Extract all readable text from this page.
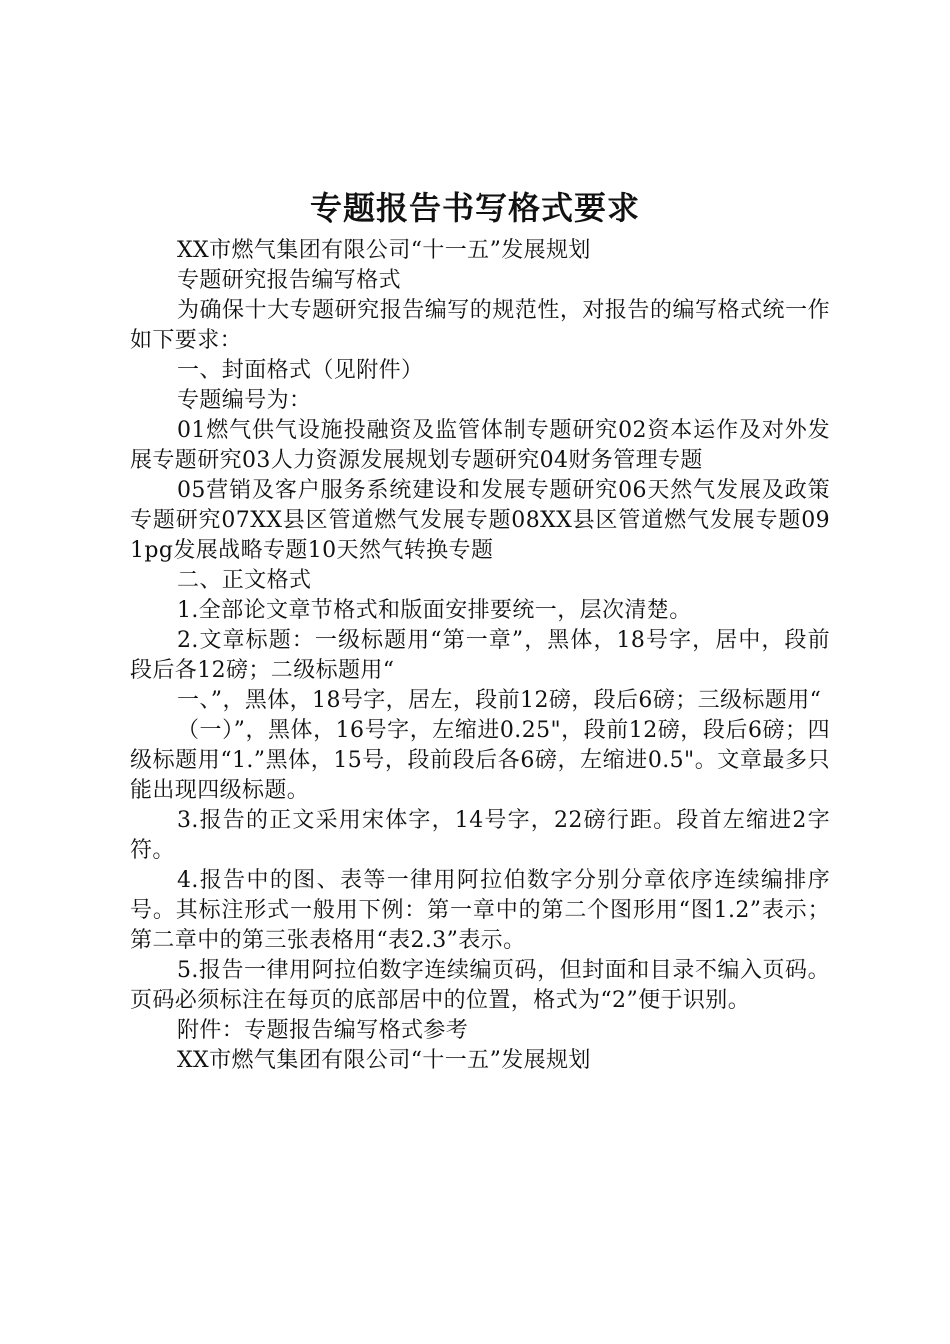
专题报告书写格式要求

XX市燃气集团有限公司“十一五”发展规划

专题研究报告编写格式

为确保十大专题研究报告编写的规范性，对报告的编写格式统一作如下要求：

一、封面格式（见附件）

专题编号为：

01燃气供气设施投融资及监管体制专题研究02资本运作及对外发展专题研究03人力资源发展规划专题研究04财务管理专题

05营销及客户服务系统建设和发展专题研究06天然气发展及政策专题研究07XX县区管道燃气发展专题08XX县区管道燃气发展专题091pg发展战略专题10天然气转换专题

二、正文格式

1.全部论文章节格式和版面安排要统一，层次清楚。

2.文章标题：一级标题用“第一章”，黑体，18号字，居中，段前段后各12磅；二级标题用“

一、”，黑体，18号字，居左，段前12磅，段后6磅；三级标题用“

（一）”，黑体，16号字，左缩进0.25"，段前12磅，段后6磅；四级标题用“1.”黑体，15号，段前段后各6磅，左缩进0.5"。文章最多只能出现四级标题。

3.报告的正文采用宋体字，14号字，22磅行距。段首左缩进2字符。

4.报告中的图、表等一律用阿拉伯数字分别分章依序连续编排序号。其标注形式一般用下例：第一章中的第二个图形用“图1.2”表示；第二章中的第三张表格用“表2.3”表示。

5.报告一律用阿拉伯数字连续编页码，但封面和目录不编入页码。页码必须标注在每页的底部居中的位置，格式为“2”便于识别。

附件：专题报告编写格式参考

XX市燃气集团有限公司“十一五”发展规划
